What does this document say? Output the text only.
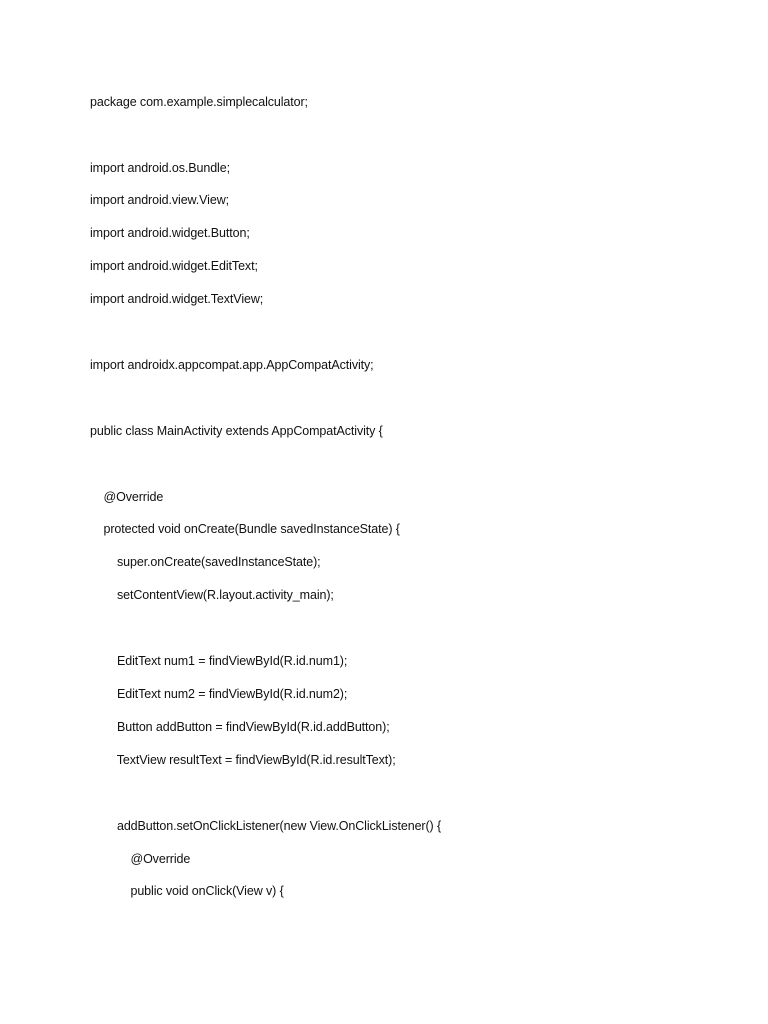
package com.example.simplecalculator;

import android.os.Bundle;

import android.view.View;

import android.widget.Button;

import android.widget.EditText;

import android.widget.TextView;

import androidx.appcompat.app.AppCompatActivity;

public class MainActivity extends AppCompatActivity {

@Override

protected void onCreate(Bundle savedInstanceState) {

super.onCreate(savedInstanceState);

setContentView(R.layout.activity_main);

EditText num1 = findViewById(R.id.num1);

EditText num2 = findViewById(R.id.num2);

Button addButton = findViewById(R.id.addButton);

TextView resultText = findViewById(R.id.resultText);

addButton.setOnClickListener(new View.OnClickListener() {

@Override

public void onClick(View v) {
